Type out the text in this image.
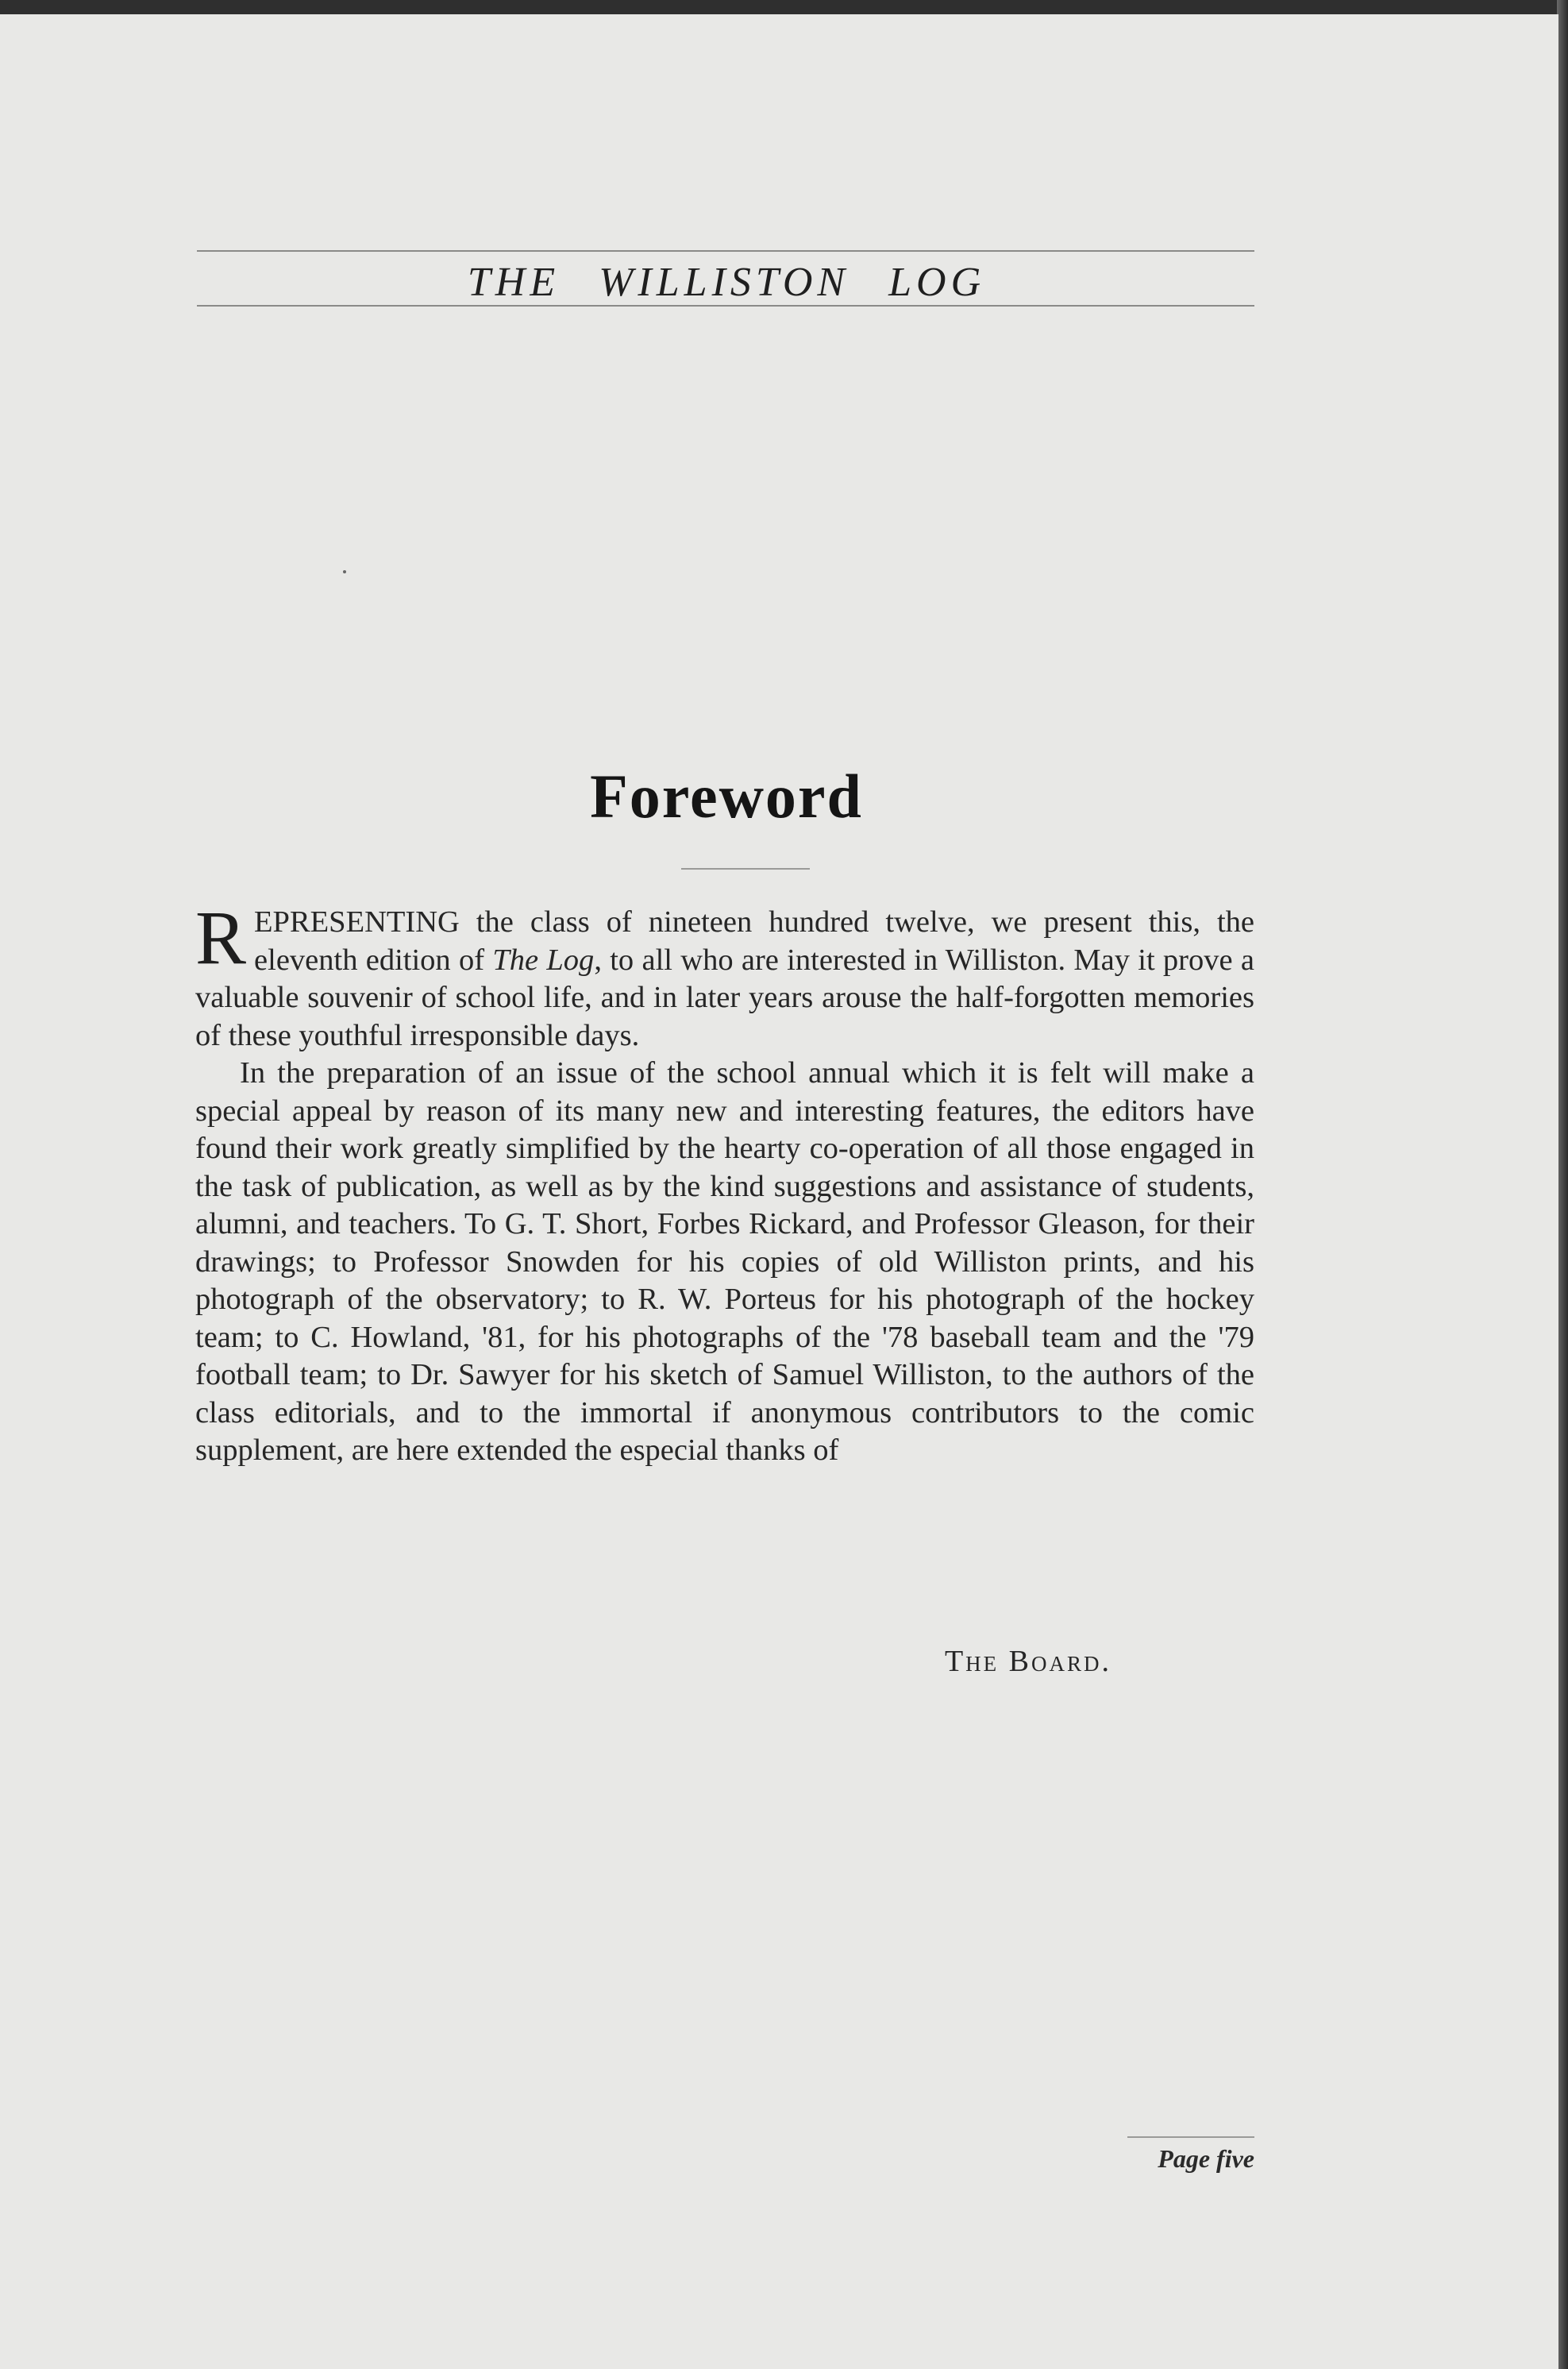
THE WILLISTON LOG
Foreword

REPRESENTING the class of nineteen hundred twelve, we present this, the eleventh edition of The Log, to all who are interested in Williston. May it prove a valuable souvenir of school life, and in later years arouse the half-forgotten memories of these youthful irresponsible days.

In the preparation of an issue of the school annual which it is felt will make a special appeal by reason of its many new and interesting features, the editors have found their work greatly simplified by the hearty co-operation of all those engaged in the task of publication, as well as by the kind suggestions and assistance of students, alumni, and teachers. To G. T. Short, Forbes Rickard, and Professor Gleason, for their drawings; to Professor Snowden for his copies of old Williston prints, and his photograph of the observatory; to R. W. Porteus for his photograph of the hockey team; to C. Howland, '81, for his photographs of the '78 baseball team and the '79 football team; to Dr. Sawyer for his sketch of Samuel Williston, to the authors of the class editorials, and to the immortal if anonymous contributors to the comic supplement, are here extended the especial thanks of

The Board.
Page five
